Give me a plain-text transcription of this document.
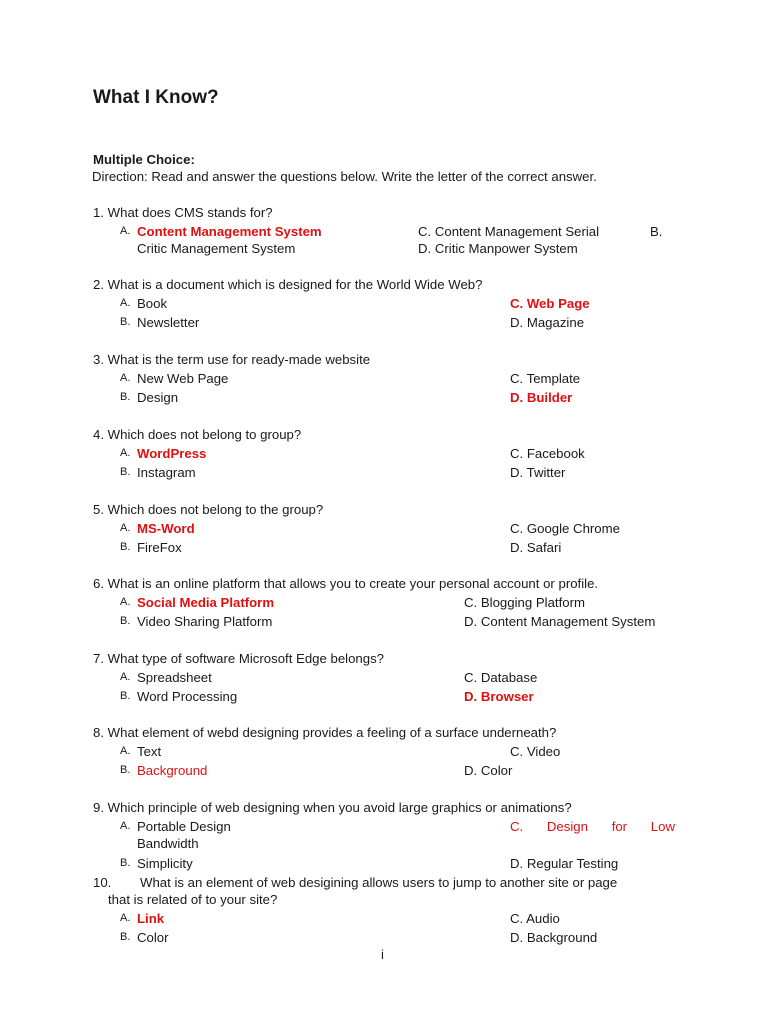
What I Know?
Multiple Choice:
Direction: Read and answer the questions below. Write the letter of the correct answer.
1. What does CMS stands for?
A. Content Management System	C. Content Management Serial	B.
Critic Management System	D. Critic Manpower System
2. What is a document which is designed for the World Wide Web?
A. Book	C. Web Page
B. Newsletter	D. Magazine
3. What is the term use for ready-made website
A. New Web Page	C. Template
B. Design	D. Builder
4. Which does not belong to group?
A. WordPress	C. Facebook
B. Instagram	D. Twitter
5. Which does not belong to the group?
A. MS-Word	C. Google Chrome
B. FireFox	D. Safari
6. What is an online platform that allows you to create your personal account or profile.
A. Social Media Platform	C. Blogging Platform
B. Video Sharing Platform	D. Content Management System
7. What type of software Microsoft Edge belongs?
A. Spreadsheet	C. Database
B. Word Processing	D. Browser
8. What element of webd designing provides a feeling of a surface underneath?
A. Text	C. Video
B. Background	D. Color
9. Which principle of web designing when you avoid large graphics or animations?
A. Portable Design	C. Design for Low
Bandwidth
B. Simplicity	D. Regular Testing
10. What is an element of web desigining allows users to jump to another site or page
that is related of to your site?
A. Link	C. Audio
B. Color	D. Background
i
